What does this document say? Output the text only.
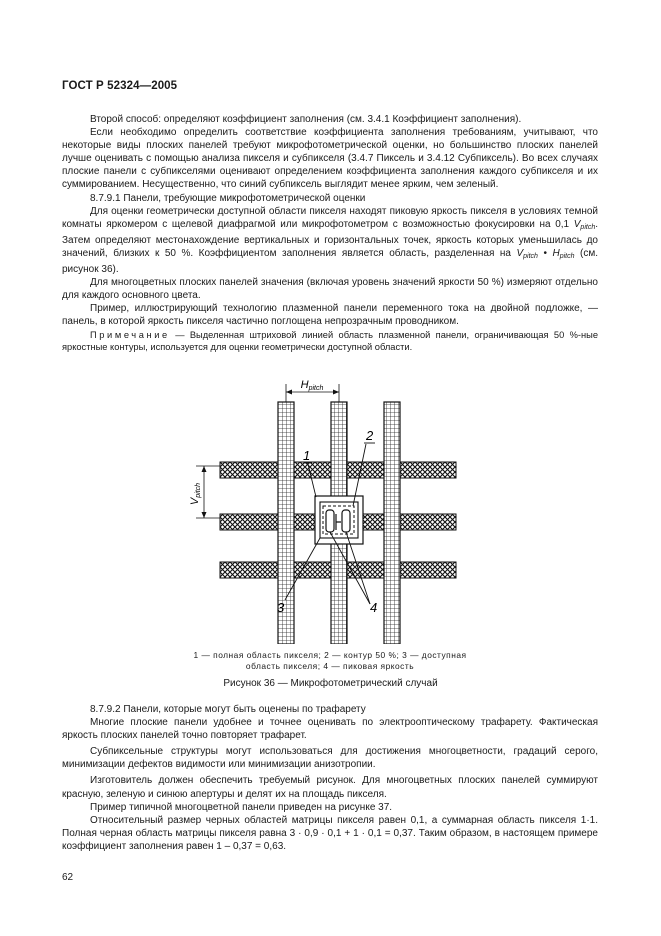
ГОСТ Р 52324—2005

Второй способ: определяют коэффициент заполнения (см. 3.4.1 Коэффициент заполнения).

Если необходимо определить соответствие коэффициента заполнения требованиям, учитывают, что некоторые виды плоских панелей требуют микрофотометрической оценки, но большинство плоских панелей лучше оценивать с помощью анализа пикселя и субпикселя (3.4.7 Пиксель и 3.4.12 Субпиксель). Во всех случаях плоские панели с субпикселями оценивают определением коэффициента заполнения каждого субпикселя и их суммированием. Несущественно, что синий субпиксель выглядит менее ярким, чем зеленый.

8.7.9.1 Панели, требующие микрофотометрической оценки

Для оценки геометрически доступной области пикселя находят пиковую яркость пикселя в условиях темной комнаты яркомером с щелевой диафрагмой или микрофотометром с возможностью фокусировки на 0,1 $V_{pitch}$. Затем определяют местонахождение вертикальных и горизонтальных точек, яркость которых уменьшилась до значений, близких к 50 %. Коэффициентом заполнения является область, разделенная на $V_{pitch}$ • $H_{pitch}$ (см. рисунок 36).

Для многоцветных плоских панелей значения (включая уровень значений яркости 50 %) измеряют отдельно для каждого основного цвета.

Пример, иллюстрирующий технологию плазменной панели переменного тока на двойной подложке, — панель, в которой яркость пикселя частично поглощена непрозрачным проводником.

Примечание — Выделенная штриховой линией область плазменной панели, ограничивающая 50 %-ные яркостные контуры, используется для оценки геометрически доступной области.

Hpitch
Vpitch
1
2
3	4
1 — полная область пикселя; 2 — контур 50 %; 3 — доступная область пикселя; 4 — пиковая яркость
Рисунок 36 — Микрофотометрический случай

8.7.9.2 Панели, которые могут быть оценены по трафарету

Многие плоские панели удобнее и точнее оценивать по электрооптическому трафарету. Фактическая яркость плоских панелей точно повторяет трафарет.

Субпиксельные структуры могут использоваться для достижения многоцветности, градаций серого, минимизации дефектов видимости или минимизации анизотропии.

Изготовитель должен обеспечить требуемый рисунок. Для многоцветных плоских панелей суммируют красную, зеленую и синюю апертуры и делят их на площадь пикселя.

Пример типичной многоцветной панели приведен на рисунке 37.

Относительный размер черных областей матрицы пикселя равен 0,1, а суммарная область пикселя 1·1. Полная черная область матрицы пикселя равна 3 · 0,9 · 0,1 + 1 · 0,1 = 0,37. Таким образом, в настоящем примере коэффициент заполнения равен 1 – 0,37 = 0,63.

62
